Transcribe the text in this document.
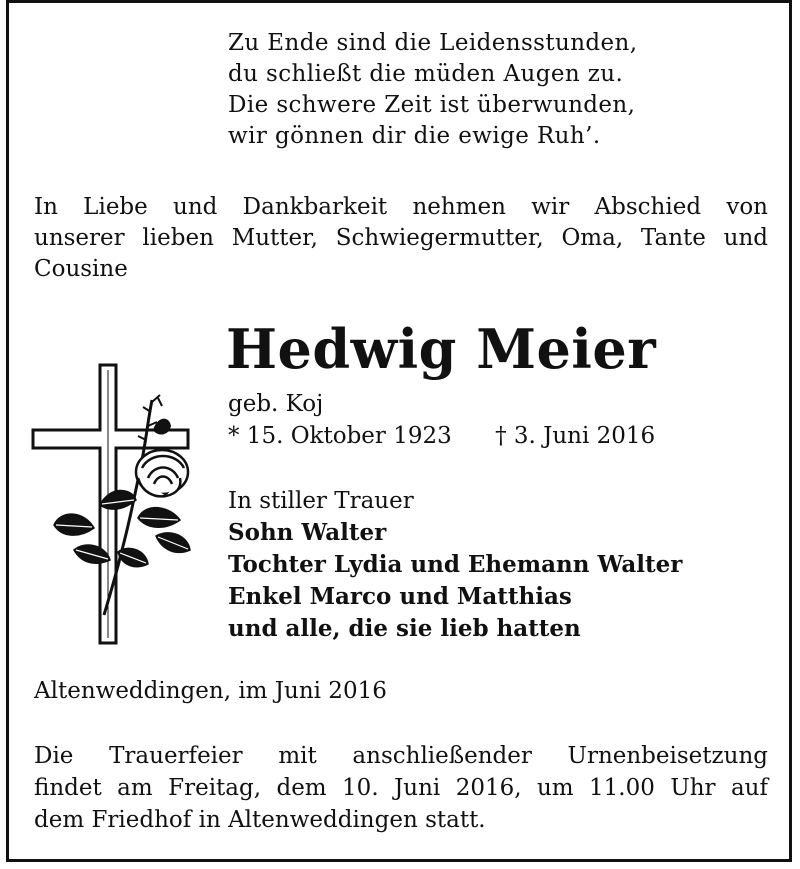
Zu Ende sind die Leidensstunden,
du schließt die müden Augen zu.
Die schwere Zeit ist überwunden,
wir gönnen dir die ewige Ruh’.
In Liebe und Dankbarkeit nehmen wir Abschied von
unserer lieben Mutter, Schwiegermutter, Oma, Tante und
Cousine
Hedwig Meier
geb. Koj
* 15. Oktober 1923 † 3. Juni 2016
In stiller Trauer
Sohn Walter
Tochter Lydia und Ehemann Walter
Enkel Marco und Matthias
und alle, die sie lieb hatten
Altenweddingen, im Juni 2016
Die Trauerfeier mit anschließender Urnenbeisetzung
findet am Freitag, dem 10. Juni 2016, um 11.00 Uhr auf
dem Friedhof in Altenweddingen statt.
